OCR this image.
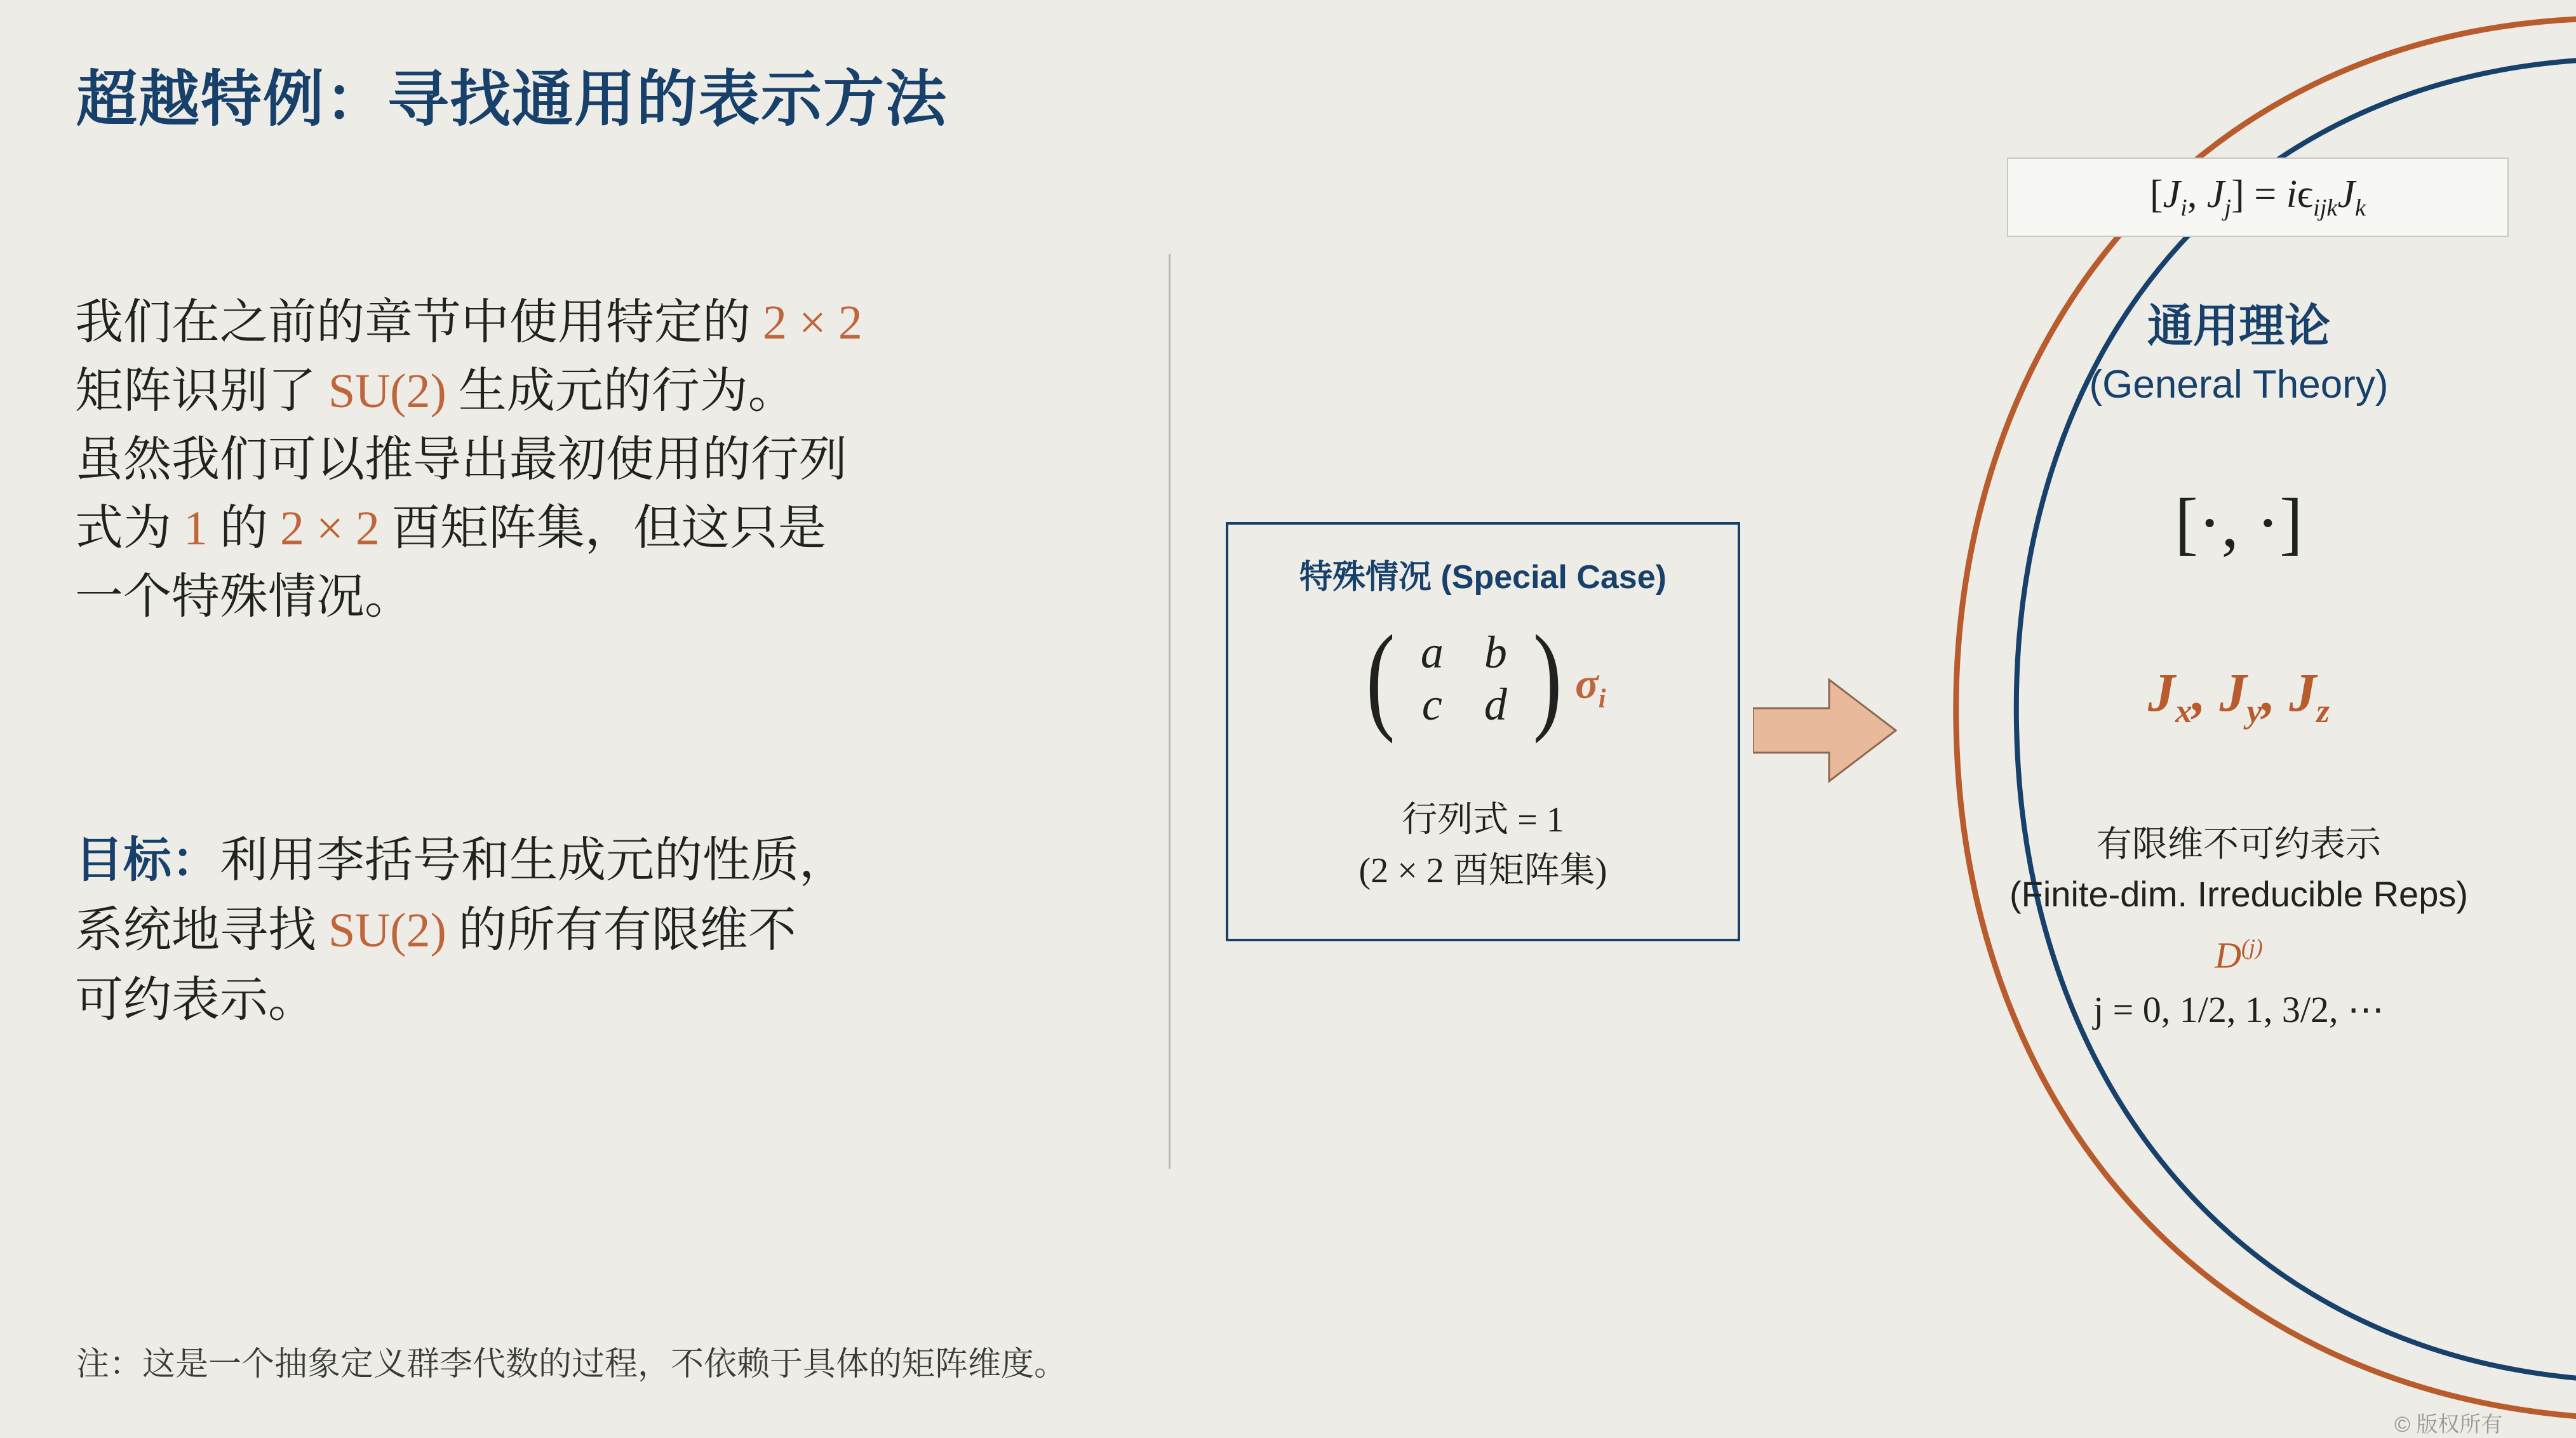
超越特例：寻找通用的表示方法
我们在之前的章节中使用特定的 2 × 2
矩阵识别了 SU(2) 生成元的行为。
虽然我们可以推导出最初使用的行列
式为 1 的 2 × 2 酉矩阵集，但这只是
一个特殊情况。
目标：利用李括号和生成元的性质，
系统地寻找 SU(2) 的所有有限维不
可约表示。
注：这是一个抽象定义群李代数的过程，不依赖于具体的矩阵维度。
特殊情况 (Special Case)
( a b
c d ) $\sigma_i$
行列式 = 1
(2 × 2 酉矩阵集)
[$J_i$, $J_j] = i\epsilon_{ijk}J_k$
通用理论
(General Theory)
[·, ·]
$J_x$, $J_y$, $J_z$
有限维不可约表示
(Finite-dim. Irreducible Reps)
$D^{(j)}$
j = 0, 1/2, 1, 3/2, ⋯
© 版权所有
